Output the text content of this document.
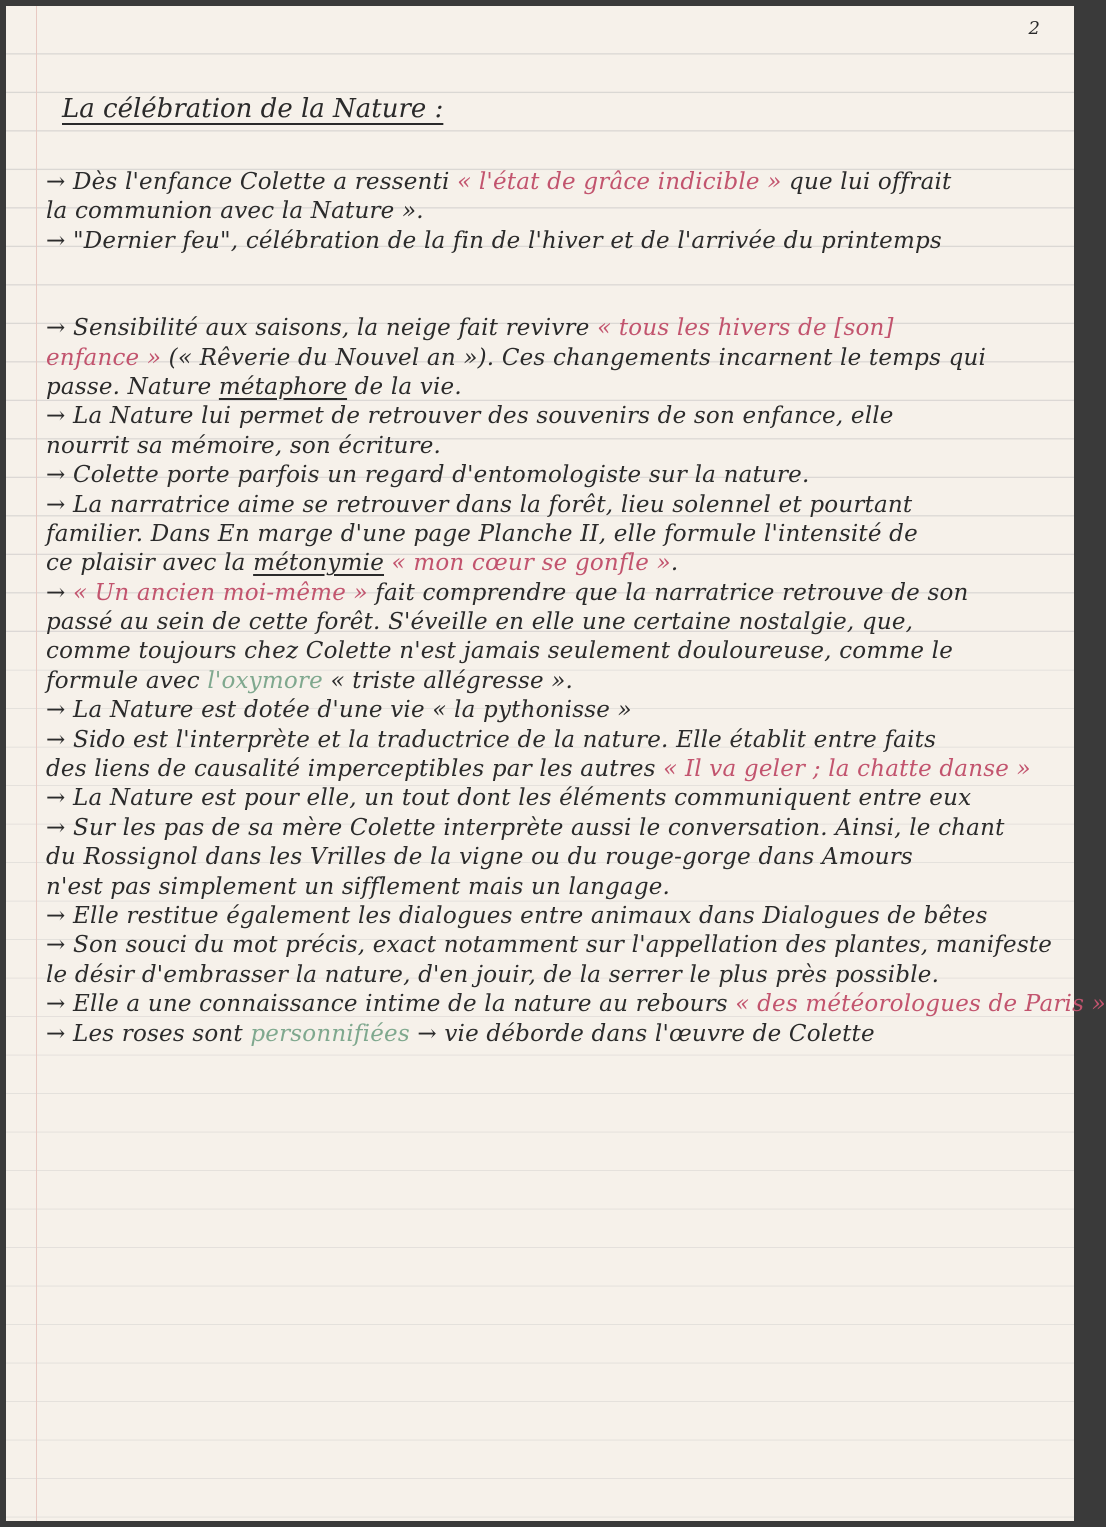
2
La célébration de la Nature :
→ Dès l'enfance Colette a ressenti « l'état de grâce indicible » que lui offrait
la communion avec la Nature ».
→ "Dernier feu", célébration de la fin de l'hiver et de l'arrivée du printemps
→ Sensibilité aux saisons, la neige fait revivre « tous les hivers de [son]
enfance » (« Rêverie du Nouvel an »). Ces changements incarnent le temps qui
passe. Nature métaphore de la vie.
→ La Nature lui permet de retrouver des souvenirs de son enfance, elle
nourrit sa mémoire, son écriture.
→ Colette porte parfois un regard d'entomologiste sur la nature.
→ La narratrice aime se retrouver dans la forêt, lieu solennel et pourtant
familier. Dans En marge d'une page Planche II, elle formule l'intensité de
ce plaisir avec la métonymie « mon cœur se gonfle ».
→ « Un ancien moi-même » fait comprendre que la narratrice retrouve de son
passé au sein de cette forêt. S'éveille en elle une certaine nostalgie, que,
comme toujours chez Colette n'est jamais seulement douloureuse, comme le
formule avec l'oxymore « triste allégresse ».
→ La Nature est dotée d'une vie « la pythonisse »
→ Sido est l'interprète et la traductrice de la nature. Elle établit entre faits
des liens de causalité imperceptibles par les autres « Il va geler ; la chatte danse »
→ La Nature est pour elle, un tout dont les éléments communiquent entre eux
→ Sur les pas de sa mère Colette interprète aussi le conversation. Ainsi, le chant
du Rossignol dans les Vrilles de la vigne ou du rouge-gorge dans Amours
n'est pas simplement un sifflement mais un langage.
→ Elle restitue également les dialogues entre animaux dans Dialogues de bêtes
→ Son souci du mot précis, exact notamment sur l'appellation des plantes, manifeste
le désir d'embrasser la nature, d'en jouir, de la serrer le plus près possible.
→ Elle a une connaissance intime de la nature au rebours « des météorologues de Paris »
→ Les roses sont personnifiées → vie déborde dans l'œuvre de Colette
